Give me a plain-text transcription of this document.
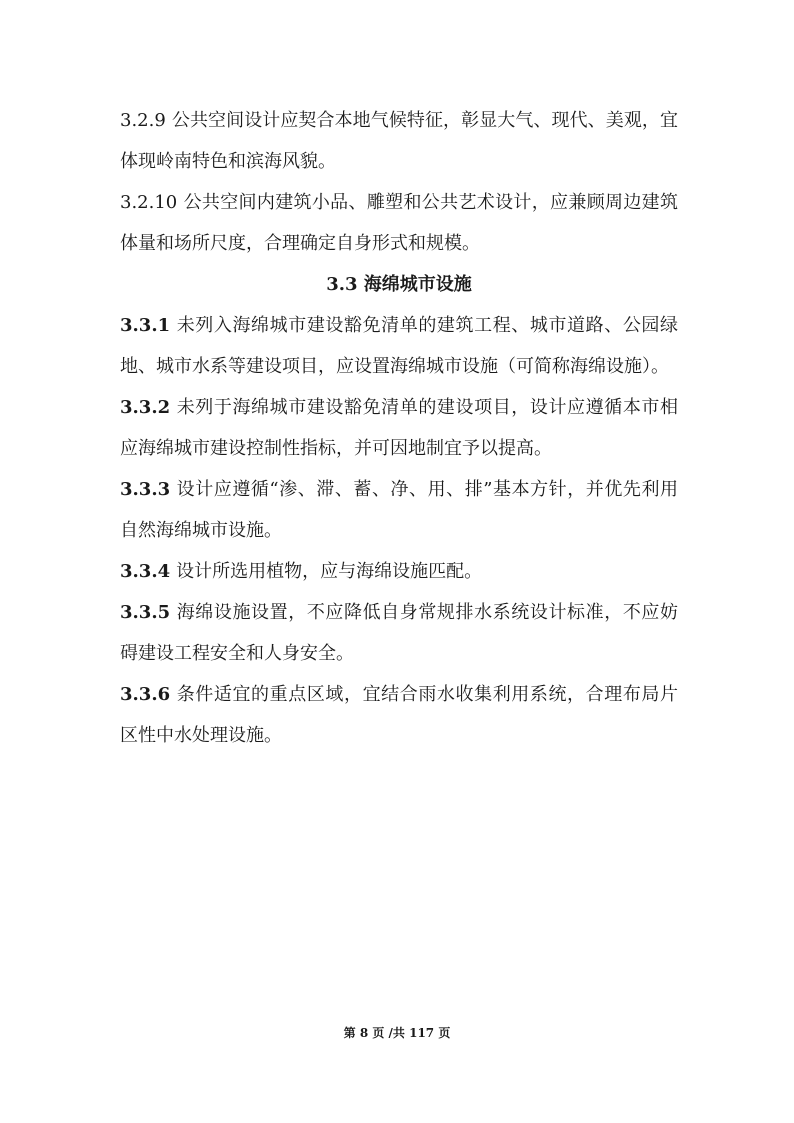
3.2.9 公共空间设计应契合本地气候特征，彰显大气、现代、美观，宜体现岭南特色和滨海风貌。

3.2.10 公共空间内建筑小品、雕塑和公共艺术设计，应兼顾周边建筑体量和场所尺度，合理确定自身形式和规模。

3.3 海绵城市设施

3.3.1 未列入海绵城市建设豁免清单的建筑工程、城市道路、公园绿地、城市水系等建设项目，应设置海绵城市设施（可简称海绵设施）。

3.3.2 未列于海绵城市建设豁免清单的建设项目，设计应遵循本市相应海绵城市建设控制性指标，并可因地制宜予以提高。

3.3.3 设计应遵循“渗、滞、蓄、净、用、排”基本方针，并优先利用自然海绵城市设施。

3.3.4 设计所选用植物，应与海绵设施匹配。

3.3.5 海绵设施设置，不应降低自身常规排水系统设计标准，不应妨碍建设工程安全和人身安全。

3.3.6 条件适宜的重点区域，宜结合雨水收集利用系统，合理布局片区性中水处理设施。

第 8 页 /共 117 页
